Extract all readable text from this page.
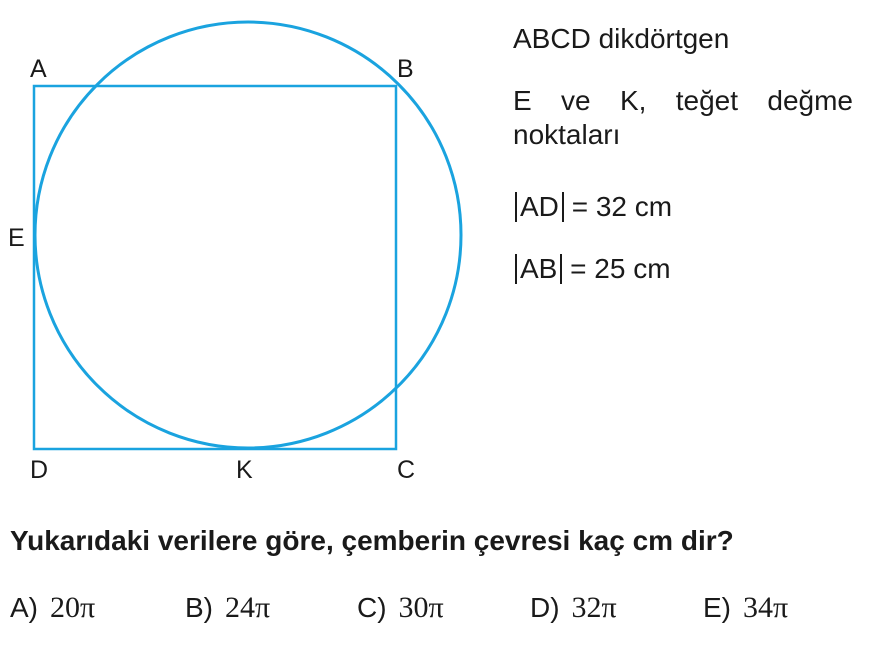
A	B
E
D	K	C
ABCD dikdörtgen
E ve K, teğet değme noktaları
AD = 32 cm
AB = 25 cm
Yukarıdaki verilere göre, çemberin çevresi kaç cm dir?
A) 20π	B) 24π	C) 30π	D) 32π	E) 34π
